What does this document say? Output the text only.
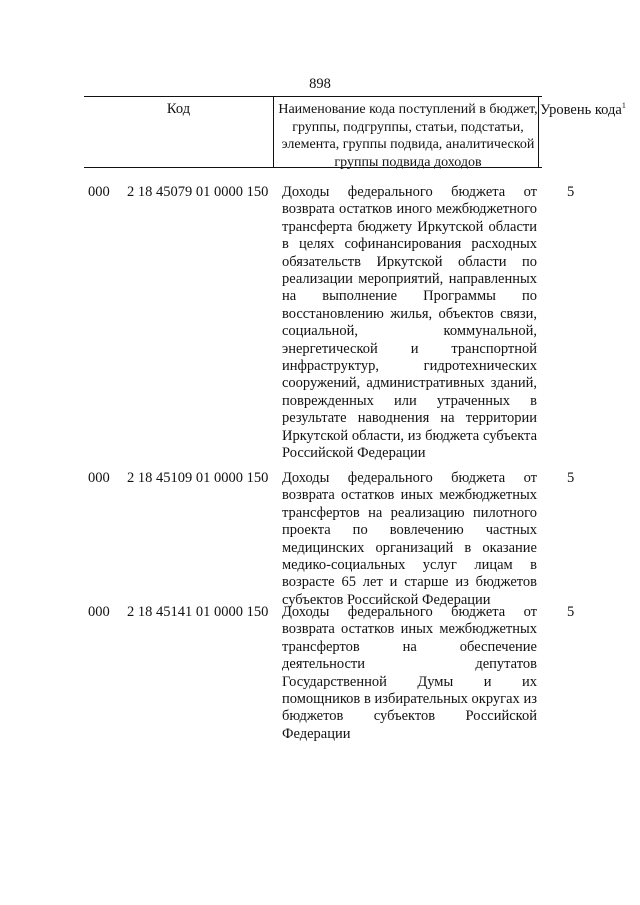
898
Код	Наименование кода поступлений в бюджет, группы, подгруппы, статьи, подстатьи, элемента, группы подвида, аналитической группы подвида доходов
Уровень кода$^1$
000 2 18 45079 01 0000 150 Доходы федерального бюджета от возврата остатков иного межбюджетного трансферта бюджету Иркутской области в целях софинансирования расходных обязательств Иркутской области по реализации мероприятий, направленных на выполнение Программы по восстановлению жилья, объектов связи, социальной, коммунальной, энергетической и транспортной инфраструктур, гидротехнических сооружений, административных зданий, поврежденных или утраченных в результате наводнения на территории Иркутской области, из бюджета субъекта Российской Федерации
5
000 2 18 45109 01 0000 150 Доходы федерального бюджета от возврата остатков иных межбюджетных трансфертов на реализацию пилотного проекта по вовлечению частных медицинских организаций в оказание медико-социальных услуг лицам в возрасте 65 лет и старше из бюджетов субъектов Российской Федерации
5
000 2 18 45141 01 0000 150 Доходы федерального бюджета от возврата остатков иных межбюджетных трансфертов на обеспечение деятельности депутатов Государственной Думы и их помощников в избирательных округах из бюджетов субъектов Российской Федерации
5
